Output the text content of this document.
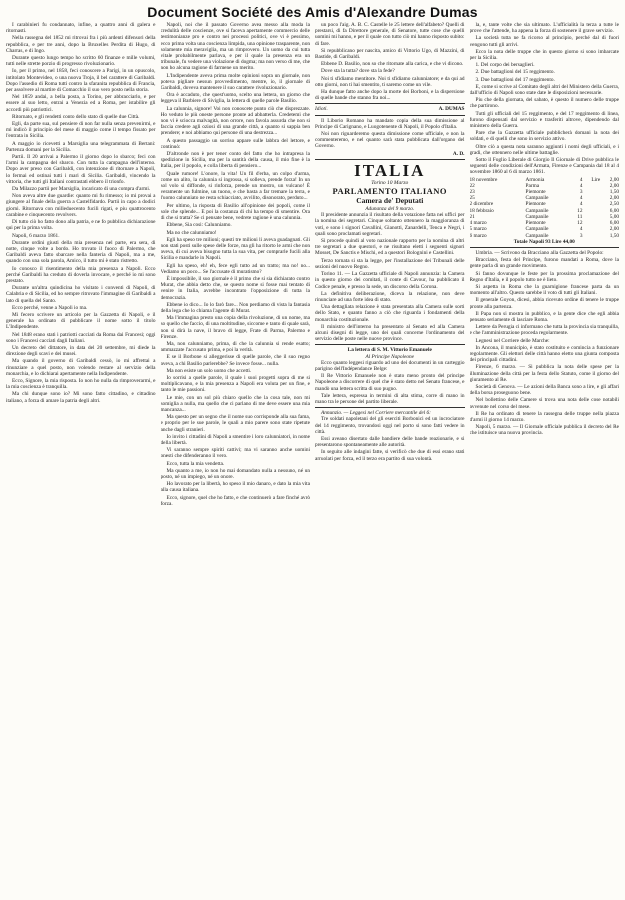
Document Société des Amis d'Alexandre Dumas

I carabinieri fu condannato, infine, a quattro anni di galera e ritornasti.

Nella rassegna del 1852 mi ritrovai fra i più ardenti difensori della repubblica, e per tre anni, dopo la Bruxelles Perdita di Hugo, di Charras, e di Ingo.

Durante questo lungo tempo ho scritto 60 finanze e mille volumi, tutti nelle strette porzio di progresso rivoluzionario.

Io, per il primo, nel 1858, feci conoscere a Parigi, in un opuscolo, intitolato Montevideo, o una nuova Troja, il bel carattere di Garibaldi. Dopo l'assedio di Roma tutti contro la sfaranita repubblica di Francia, per assolvere al martire di Comacchio il suo vero posto nella storia.

Nel 1859 andai, a bella posta, a Torino, per abbracciarlo, e per essere al suo letto, entrai a Venezia ed a Roma, per istabilire gli accordi più patriottici.

Ritornato, e gli rendetti conto dello stato di quelle due Città.

Egli, da parte sua, sul pensiere di non far nulla senza prevenirmi, e mi indicò il principio del mese di maggio come il tempo fissato per l'entrata in Sicilia.

A maggio io ricevetti a Marsiglia una telegrammata di Bertani: Partenza domani per la Sicilia.

Partii. Il 20 arrivai a Palermo il giorno dopo lo sbarco; feci con l'armi la campagna del sbarco. Con tutta la campagna dell'interno. Dopo aver preso con Garibaldi, con intenzione di ritornare a Napoli, lo fermai ed ostinai tutti i mari di Sicilia. Garibaldi, vincendo la vittoria, che tutti gli Italiani contrastati ebbero il trionfo.

Da Milazzo partii per Marsiglia, incaricato di una compra d'armi.

Non aveva altre due guardie: quanto mi fu rimesso; io mi provai a giungere al finale della guerra a Castelfidardo. Partii in capo a dodici giorni. Ritornava con milleduecento fucili rigati, e piu quattrocento carabine e cinquecento revolvers.

Di tutto ciò ho fatto dono alla patria, e ne fo pubblica dichiarazione qui per la prima volta.

Napoli, 6 marzo 1861.

Durante ordini giusti della mia presenza nel parte, era sera, di notte, cinque volte a bordo. Ho trovato il fuoco di Palermo, che Garibaldi aveva fatto sbarcare nella fanteria di Napoli, ma a me, quando con una sola parola, Amico, il tutto mi è stato ristretto.

Io conosco il risentimento della mia presenza a Napoli. Ecco perché Garibaldi ha creduto di doverla invocare, e perché io mi sono prestato.

Durante un'altra quindicina ho visitato i conventi di Napoli, di Calabria e di Sicilia, ed ho sempre ritrovato l'immagine di Garibaldi a lato di quella del Santo.

Ecco perché, venne a Napoli io ma.

Mi fecero scrivere un articolo per la Gazzetta di Napoli, e il generale ha ordinato di pubblicare il nome sotto il titolo L'Indipendente.

Nel 1848 erano stati i patriotti cacciati da Roma dai Francesi; oggi sono i Francesi cacciati dagli Italiani.

Un decreto del dittatore, in data del 20 settembre, mi diede la direzione degli scavi e dei musei.

Ma quando il governo di Garibaldi cessò, io mi affrettai a rinunziare a quel posto, non volendo restare al servizio della monarchia, e lo dichiarai apertamente nella Indipendente.

Ecco, Signore, la mia risposta. Io non ho nulla da rimproverarmi, e la mia coscienza è tranquilla.

Ma chi dunque sono io? Mi sono fatto cittadino, e cittadino italiano, a forza di amare la patria degli altri.

Napoli, noi che il passato Governo avea messo alla moda la credulità delle coscienze, ove si faceva apertamente commercio delle testimonianze pro e contro nei processi politici, ove vi è pessimo, ecco prima volta una coscienza limpida, una opinione trasparente, non solamente mia meraviglia, ma un rimprovero. Un uomo da cui tutta vitale probabilmente parlava, e per il quale la presenza era un tribunale, fu vedere una violazione di dogma; ma non verso di me, che non ho alcuna ragione di farmene un merito.

L'Indipendente aveva prima molte opinioni sopra un giornale, non poteva pigliare nessun provvedimento, mentre, io, il giornale di Garibaldi, doveva mantenere il suo carattere rivoluzionario.

Ora è accaduto, che quest'uomo, scelto una lettera, un giorno che leggeva il Barbiere di Siviglia, la lettera di quelle parole Basilio.

La calunnia, signore! Voi non conoscete punto ciò che disprezzate. Ho veduto le più oneste persone pronte ad abbatterla. Credetemi che non vi è sciocca malvagità, non orrore, non favola assurda che non si faccia credere agli oziosi di una grande città, a quanto si sappia ben prendere; e noi abbiamo qui persone di una destrezza...

A questo passaggio un sorriso appare sulle labbra del lettore, e continuò:

D'altronde non è per tener conto del fatto che ho intrapresa la spedizione in Sicilia, ma per la santità della causa, il mio fine è la Italia, per il popolo, e colla liberta di pensiero...

Quale rumore! L'onore, la vita! Un fil d'erba, un colpo d'arma, come un alito, la calunnia si ingrossa, si solleva, prende forza! In un sol volo si diffonde, si rinforza, prende un mostro, un vulcano! È veramente un fulmine, un tuono, e che basta a far tremare la terra, e l'uomo calunniato ne resta schiacciato, avvilito, disonorato, perduto...

Per ultimo, la risposta di Basilio all'opinione dei popoli, come il sole che splende... E poi la costanza di chi ha tempo di smentire. Ora di che si tratta? Se ci pensate bene, vedrete ragione è una calunnia.

Ebbene, Sia cosi: Calunniamo.

Ma no che calunniamo!

Egli ha speso tre milioni; questi tre milioni li aveva guadagnati. Gli non stati posti sulle spese delle forze, ma gli ha ritorto le armi che non aveva, di cui aveva bisogno tutta la sua vita, per comprarle fucili alla Sicilia e mandarle in Napoli.

Egli ha speso, eh! eh, fece egli tutto ad un tratto; ma no! no... Vediamo un poco... Se l'accusate di muratismo?

È impossibile, il suo giornale è il primo che si sia dichiarato contro Murat, che abbia detto che, se questo nome si fosse mai tentato di venire in Italia, avrebbe incontrato l'opposizione di tutta la democrazia.

Ebbene io dico... Io lo farò fare... Non perdiamo di vista la fantasia della lega che lo chiama l'agente di Murat.

Ma l'immagina presto una copia della rivoluzione, di un nome, ma so quello che faccio, di una moltitudine, siccome e tanto di quale sarà, non si dirà la nave, il bravo di legge, Frate di Parma, Palermo e Firenze.

Ma, non calunniamo, prima, di che la calunnia si rende esatto; ammazzate l'accusato prima, e poi la verità.

E se il Borbone si alleggerisse di quelle parole, che il suo regno aveva, a chi Basilio parlerebbe? Se invece fosse... nulla.

Ma non esiste un solo uomo che accetti.

Io sorrisi a quelle parole, il quale i suoi progetti sopra di me si moltiplicavano, e la mia presenza a Napoli era voluta per un fine, e tanto le mie passioni.

Le mie, con un sol più chiaro quello che la cosa tale, non mi somiglia a nulla, ma quello che ci parlano di me deve essere una mia mancanza...

Ma questo per un segno che il nome suo corrisponde alla sua fama, e proprio per le sue parole, le quali a mio parere sono state ripetute anche dagli stranieri.

Io invito i cittadini di Napoli a smentire i loro calunniatori, in nome della libertà.

Vi saranno sempre spiriti cattivi; ma vi saranno anche uomini onesti che difenderanno il vero.

Ecco, tutta la mia vendetta.

Ma quanto a me, io non ho mai domandato nulla a nessuno, né un posto, né un impiego, né un onore.

Ho lavorato per la libertà, ho speso il mio danaro, e dato la mia vita alla causa italiana.

Ecco, signore, quel che ho fatto, e che continuerò a fare finché avrò forza.

un poco l'aig. A. B. C. Castelle le 25 lettere dell'alfabeto? Quelli di prestarsi, di fa Direttore generale, di Senatore, tutte cose che quelli uomini mi hanno, e per il quale con tutto ciò mi hanno risposto subito: di fare.

Si repubblicano per nascita, amico di Vittorio Ugo, di Mazzini, di Bastide, di Garibaldi.

Ebbene D. Basilio, non so che ritornate alla carica, e che vi dicono.

Dove sta la tutta? dove sta la fede?

Noi ti sfidiamo mentitore. Noi ti sfidiamo calunniatore; e da qui ad otto giorni, non ti hai smentito, ti saremo come un vile.

Ha dunque fatto anche dopo la morte dei Borboni, e la dispersione di quelle bande che stanno fra noi...

Idioti.	A. DUMAS

Il Liborio Romano ha mandato copia della sua dimissione al Principe di Carignano, e Luogotenente di Napoli, il Popolo d'Italia.

Noi non riguarderemo questa dimissione come ufficiale, e non la commenteremo, e nel quanto sarà stata pubblicata dall'organo del Governo.

A. D.
ITALIA
Torino 10 Marzo
PARLAMENTO ITALIANO
Camera de' Deputati
Adunanza del 9 marzo.

Il presidente annunzia il risultato della votazione fatta nei uffici per la nomina dei segretari. Cinque soltanto ottennero la maggioranza di voti, e sono i signori Cavallini, Gianotti, Zanardelli, Tenca e Negri, i quali sono proclamati segretari.

Si procede quindi al voto nazionale rapporto per la nomina di altri tre segretari a due questori, e ne risultano eletti i seguenti signori Mosset, De Sanctis e Mischi, ed a questori Bolognini e Castellini.

Terzo tornata si sta la legge, per l'installazione dei Tribunali delle sezioni del nuovo Regno.

Torino 11. — La Gazzetta ufficiale di Napoli annunzia: la Camera in questo giorno dei comitati, il conte di Cavour, ha pubblicato il Codice penale, e presso la sede, un discorso della Corona.

La definitiva deliberazione, diceva la relazione, non deve rinunciare ad una forte idea di stato.

Una dettagliata relazione è stata presentata alla Camera sulle sorti dello Stato, e quanto fanno a ciò che riguarda i fondamenti della monarchia costituzionale.

Il ministro dell'interno ha presentato al Senato ed alla Camera alcuni disegni di legge, uno dei quali concerne l'ordinamento del servizio delle poste nelle nuove province.

La lettera di S. M. Vittorio Emanuele
Al Principe Napoleone

Ecco quanto leggesi riguardo ad uno dei documenti in un carteggio parigino dell'Indépendance Belge:

Il Re Vittorio Emanuele non è stato meno pronto del principe Napoleone a discorrere di quel che è stato detto nel Senato francese, e mandò una lettera scritta di suo pugno.

Tale lettera, espressa in termini di alta stima, corre di mano in mano tra le persone del partito liberale.

Annunzio. — Leggesi nel Corriere mercantile del 6:

Tre soldati napoletani del gli eserciti Borbonici ed un incrociatore del 14 reggimento, trovandosi oggi nel porto si sono fatti vedere in città.

Essi aveano disertato dalle bandiere delle bande reazionarie, e si presentarono spontaneamente alle autorità.

In seguito alle indagini fatte, si verificò che due di essi erano stati arruolati per forza, ed il terzo era partito di sua volontà.

la, e, tante volte che sia ultimato. L'ufficialità la terza a tutte le prove che l'attende, ha appena la forza di sostenere il grave servizio.

La società tutta ne fa ricorso al principio, perché dal di fuori vengono tutti gli arrivi.

Ecco la nota delle truppe che in questo giorno si sono imbarcate per la Sicilia.

1. Del corpo dei bersaglieri.

2. Due battaglioni del 15 reggimento.

3. Due battaglioni del 17 reggimento.

E, come si scrive al Comitato degli altri del Ministero della Guerra, dall'ufficio di Napoli sono state date le disposizioni necessarie.

Piu che della giornata, del sabato, è questo il numero delle truppe che partirono.

Tutti gli ufficiali del 15 reggimento, e del 17 reggimento di linea, furono dispensati dal servizio e trasferiti altrove, dipendendo dal ministero della Guerra.

Pare che la Gazzetta ufficiale pubblicherà domani la nota dei soldati, e di quelli che sono in servizio attivo.

Oltre ciò a questa nota saranno aggiunti i nomi degli ufficiali, e i gradi, che ottennero nelle ultime battaglie.

Sotto il Foglio Liberale di Giorgio Il Giornale di Drive pubblica le seguenti delle condizioni dell'Armata, Firenze e Campania dal 18 al 4 novembre 1860 al 6 di marzo 1861.

18 novembre	Armonia	4	Lire	2,00
22	Parma	4		2,00
23	Piemonte	3		1,50
25	Campanile	4		2,00
2 dicembre	Piemonte	4		2,50
18 febbraio	Campanile	12		6,00
21	Campanile	11		5,00
4 marzo	Piemonte	12		6,00
5 marzo	Campanile	4		2,00
6 marzo	Campanile	3		1,50
Totale Napoli 93 Lire 44,00

Umbria. — Scrivono da Bracciano alla Gazzetta del Popolo:

Bracciano, festa del Principe, furono mandati a Roma, dove la gente parla di un grande movimento.

Si fanno dovunque le feste per la prossima proclamazione del Regno d'Italia, e il popolo tutto ne è lieto.

Si aspetta in Roma che la guarnigione francese parta da un momento all'altro. Questo sarebbe il voto di tutti gli Italiani.

Il generale Goyon, dicesi, abbia ricevuto ordine di tenere le truppe pronte alla partenza.

Il Papa non si mostra in pubblico, e la gente dice che egli abbia pensato seriamente di lasciare Roma.

Lettere da Perugia ci informano che tutta la provincia sia tranquilla, e che l'amministrazione proceda regolarmente.

Legnesi nel Corriere delle Marche:

In Ancona, il municipio, è stato costituito e comincia a funzionare regolarmente. Gli elettori delle città hanno eletto una giunta composta dei principali cittadini.

Firenze, 6 marzo. — Si pubblica la nota delle spese per la illuminazione della città per la festa dello Statuto, come il giorno del giuramento al Re.

Società di Genova. — Le azioni della Banca sono a lire, e gli affari della borsa proseguono bene.

Nel bollettino delle Camere si trova una nota delle cose notabili avvenute nel corso del mese.

Il Re ha ordinato di tenere la rassegna delle truppe nella piazza d'armi il giorno 14 marzo.

Napoli, 5 marzo. — Il Giornale officiale pubblica il decreto del Re che istituisce una nuova provincia.
